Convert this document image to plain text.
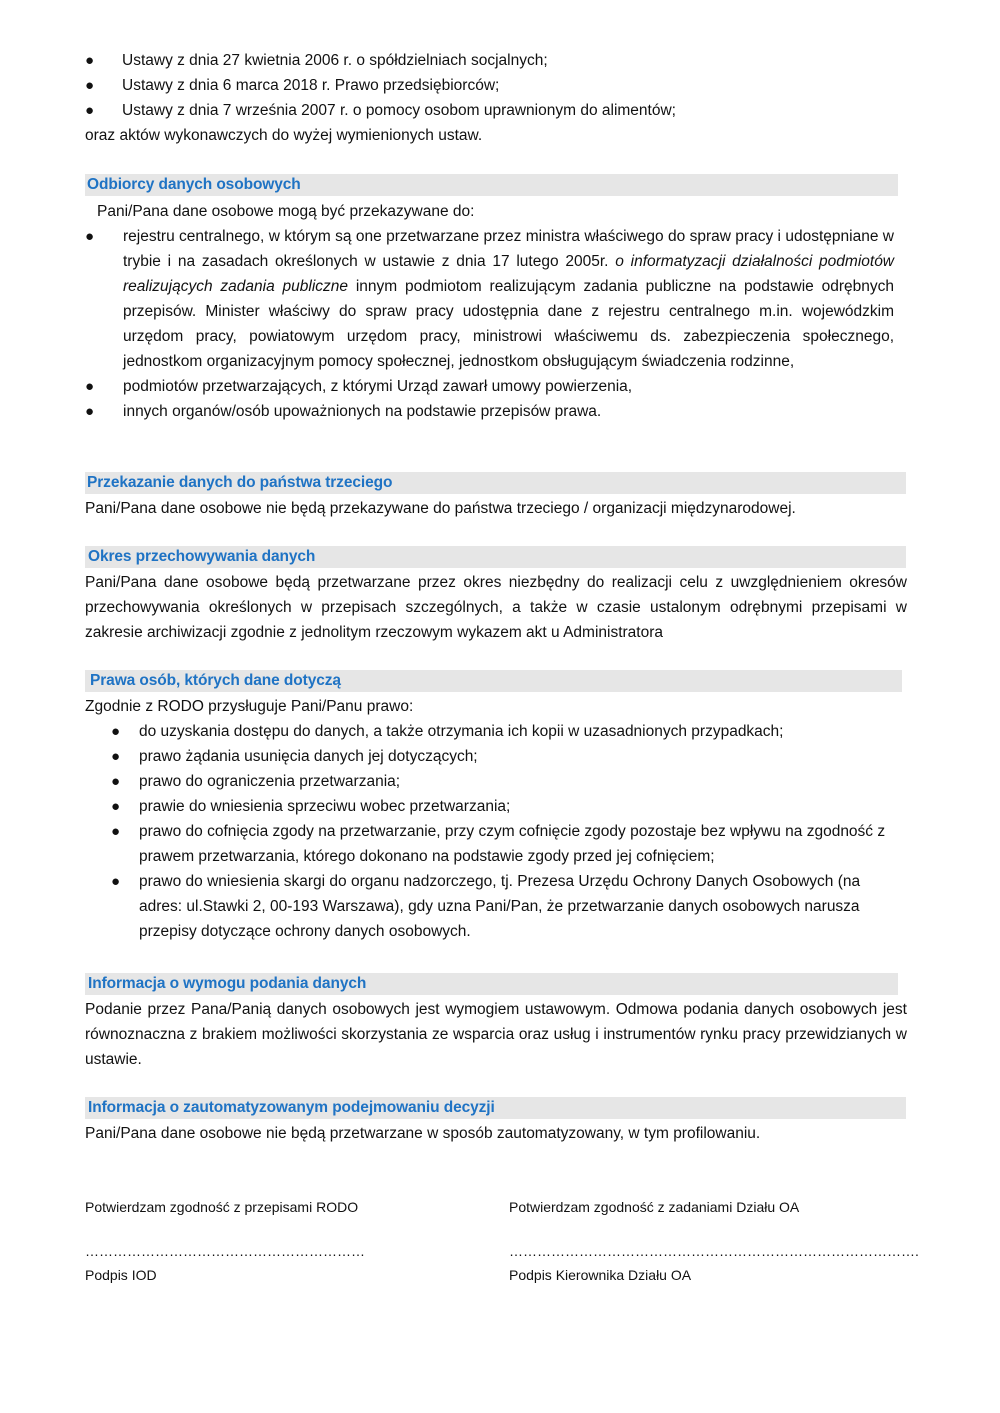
● Ustawy z dnia 27 kwietnia 2006 r. o spółdzielniach socjalnych;
● Ustawy z dnia 6 marca 2018 r. Prawo przedsiębiorców;
● Ustawy z dnia 7 września 2007 r. o pomocy osobom uprawnionym do alimentów;
oraz aktów wykonawczych do wyżej wymienionych ustaw.
Odbiorcy danych osobowych
Pani/Pana dane osobowe mogą być przekazywane do:
● rejestru centralnego, w którym są one przetwarzane przez ministra właściwego do spraw pracy i udostępniane w trybie i na zasadach określonych w ustawie z dnia 17 lutego 2005r. o informatyzacji działalności podmiotów realizujących zadania publiczne innym podmiotom realizującym zadania publiczne na podstawie odrębnych przepisów. Minister właściwy do spraw pracy udostępnia dane z rejestru centralnego m.in. wojewódzkim urzędom pracy, powiatowym urzędom pracy, ministrowi właściwemu ds. zabezpieczenia społecznego, jednostkom organizacyjnym pomocy społecznej, jednostkom obsługującym świadczenia rodzinne,
● podmiotów przetwarzających, z którymi Urząd zawarł umowy powierzenia,
● innych organów/osób upoważnionych na podstawie przepisów prawa.
Przekazanie danych do państwa trzeciego
Pani/Pana dane osobowe nie będą przekazywane do państwa trzeciego / organizacji międzynarodowej.
Okres przechowywania danych
Pani/Pana dane osobowe będą przetwarzane przez okres niezbędny do realizacji celu z uwzględnieniem okresów przechowywania określonych w przepisach szczególnych, a także w czasie ustalonym odrębnymi przepisami w zakresie archiwizacji zgodnie z jednolitym rzeczowym wykazem akt u Administratora
Prawa osób, których dane dotyczą
Zgodnie z RODO przysługuje Pani/Panu prawo:
● do uzyskania dostępu do danych, a także otrzymania ich kopii w uzasadnionych przypadkach;
● prawo żądania usunięcia danych jej dotyczących;
● prawo do ograniczenia przetwarzania;
● prawie do wniesienia sprzeciwu wobec przetwarzania;
● prawo do cofnięcia zgody na przetwarzanie, przy czym cofnięcie zgody pozostaje bez wpływu na zgodność z prawem przetwarzania, którego dokonano na podstawie zgody przed jej cofnięciem;
● prawo do wniesienia skargi do organu nadzorczego, tj. Prezesa Urzędu Ochrony Danych Osobowych (na adres: ul.Stawki 2, 00-193 Warszawa), gdy uzna Pani/Pan, że przetwarzanie danych osobowych narusza przepisy dotyczące ochrony danych osobowych.
Informacja o wymogu podania danych
Podanie przez Pana/Panią danych osobowych jest wymogiem ustawowym. Odmowa podania danych osobowych jest równoznaczna z brakiem możliwości skorzystania ze wsparcia oraz usług i instrumentów rynku pracy przewidzianych w ustawie.
Informacja o zautomatyzowanym podejmowaniu decyzji
Pani/Pana dane osobowe nie będą przetwarzane w sposób zautomatyzowany, w tym profilowaniu.
Potwierdzam zgodność z przepisami RODO
……………………………………………………
Podpis IOD
Potwierdzam zgodność z zadaniami Działu OA
…………………………………………………………………………….
Podpis Kierownika Działu OA
